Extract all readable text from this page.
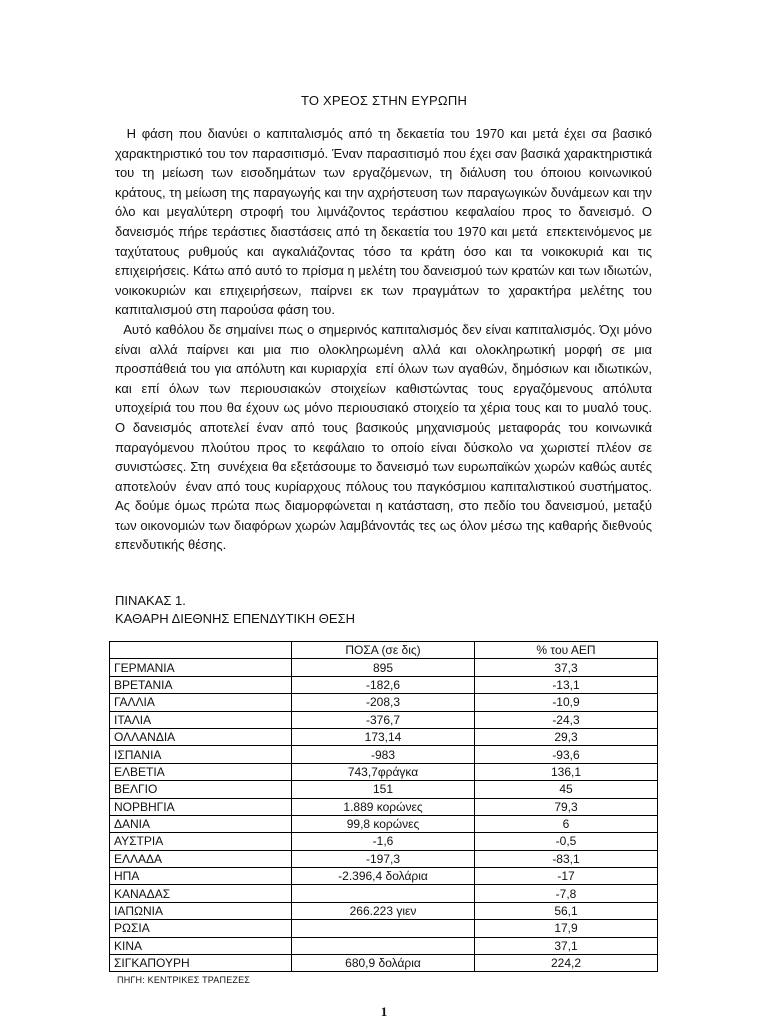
ΤΟ ΧΡΕΟΣ ΣΤΗΝ ΕΥΡΩΠΗ

Η φάση που διανύει ο καπιταλισμός από τη δεκαετία του 1970 και μετά έχει σα βασικό χαρακτηριστικό του τον παρασιτισμό. Έναν παρασιτισμό που έχει σαν βασικά χαρακτηριστικά του τη μείωση των εισοδημάτων των εργαζόμενων, τη διάλυση του όποιου κοινωνικού κράτους, τη μείωση της παραγωγής και την αχρήστευση των παραγωγικών δυνάμεων και την όλο και μεγαλύτερη στροφή του λιμνάζοντος τεράστιου κεφαλαίου προς το δανεισμό. Ο δανεισμός πήρε τεράστιες διαστάσεις από τη δεκαετία του 1970 και μετά  επεκτεινόμενος με ταχύτατους ρυθμούς και αγκαλιάζοντας τόσο τα κράτη όσο και τα νοικοκυριά και τις επιχειρήσεις. Κάτω από αυτό το πρίσμα η μελέτη του δανεισμού των κρατών και των ιδιωτών, νοικοκυριών και επιχειρήσεων, παίρνει εκ των πραγμάτων το χαρακτήρα μελέτης του καπιταλισμού στη παρούσα φάση του.

Αυτό καθόλου δε σημαίνει πως ο σημερινός καπιταλισμός δεν είναι καπιταλισμός. Όχι μόνο είναι αλλά παίρνει και μια πιο ολοκληρωμένη αλλά και ολοκληρωτική μορφή σε μια προσπάθειά του για απόλυτη και κυριαρχία  επί όλων των αγαθών, δημόσιων και ιδιωτικών, και επί όλων των περιουσιακών στοιχείων καθιστώντας τους εργαζόμενους απόλυτα υποχείριά του που θα έχουν ως μόνο περιουσιακό στοιχείο τα χέρια τους και το μυαλό τους.  Ο δανεισμός αποτελεί έναν από τους βασικούς μηχανισμούς μεταφοράς του κοινωνικά παραγόμενου πλούτου προς το κεφάλαιο το οποίο είναι δύσκολο να χωριστεί πλέον σε συνιστώσες. Στη  συνέχεια θα εξετάσουμε το δανεισμό των ευρωπαϊκών χωρών καθώς αυτές αποτελούν  έναν από τους κυρίαρχους πόλους του παγκόσμιου καπιταλιστικού συστήματος. Ας δούμε όμως πρώτα πως διαμορφώνεται η κατάσταση, στο πεδίο του δανεισμού, μεταξύ των οικονομιών των διαφόρων χωρών λαμβάνοντάς τες ως όλον μέσω της καθαρής διεθνούς επενδυτικής θέσης.

ΠΙΝΑΚΑΣ 1.
ΚΑΘΑΡΗ ΔΙΕΘΝΗΣ ΕΠΕΝΔΥΤΙΚΗ ΘΕΣΗ
	ΠΟΣΑ (σε δις)	% του ΑΕΠ
ΓΕΡΜΑΝΙΑ	895	37,3
ΒΡΕΤΑΝΙΑ	-182,6	-13,1
ΓΑΛΛΙΑ	-208,3	-10,9
ΙΤΑΛΙΑ	-376,7	-24,3
ΟΛΛΑΝΔΙΑ	173,14	29,3
ΙΣΠΑΝΙΑ	-983	-93,6
ΕΛΒΕΤΙΑ	743,7φράγκα	136,1
ΒΕΛΓΙΟ	151	45
ΝΟΡΒΗΓΙΑ	1.889 κορώνες	79,3
ΔΑΝΙΑ	99,8 κορώνες	6
ΑΥΣΤΡΙΑ	-1,6	-0,5
ΕΛΛΑΔΑ	-197,3	-83,1
ΗΠΑ	-2.396,4 δολάρια	-17
ΚΑΝΑΔΑΣ		-7,8
ΙΑΠΩΝΙΑ	266.223 γιεν	56,1
ΡΩΣΙΑ		17,9
ΚΙΝΑ		37,1
ΣΙΓΚΑΠΟΥΡΗ	680,9 δολάρια	224,2
ΠΗΓΗ: ΚΕΝΤΡΙΚΕΣ ΤΡΑΠΕΖΕΣ
1
